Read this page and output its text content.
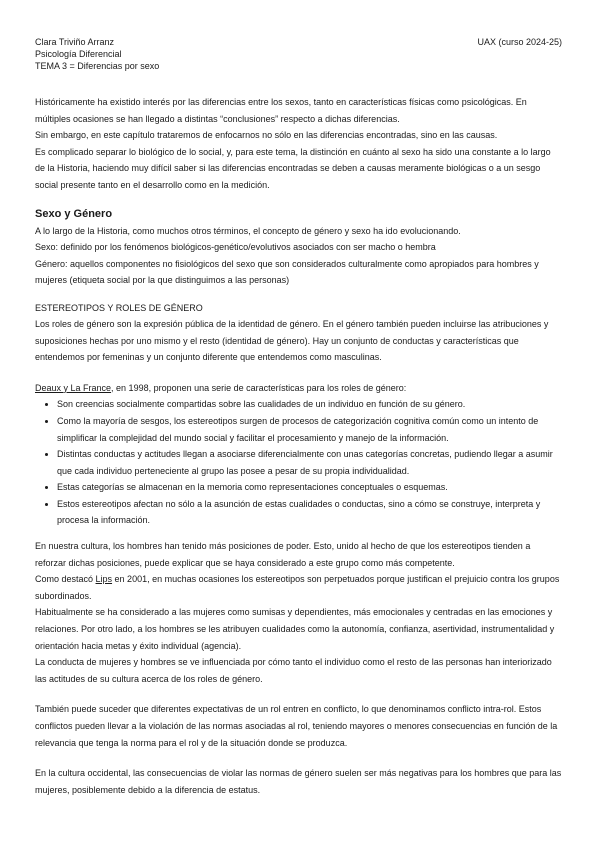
Clara Triviño Arranz
Psicología Diferencial
TEMA 3 = Diferencias por sexo
UAX (curso 2024-25)

Históricamente ha existido interés por las diferencias entre los sexos, tanto en características físicas como psicológicas. En múltiples ocasiones se han llegado a distintas “conclusiones” respecto a dichas diferencias.

Sin embargo, en este capítulo trataremos de enfocarnos no sólo en las diferencias encontradas, sino en las causas.

Es complicado separar lo biológico de lo social, y, para este tema, la distinción en cuánto al sexo ha sido una constante a lo largo de la Historia, haciendo muy difícil saber si las diferencias encontradas se deben a causas meramente biológicas o a un sesgo social presente tanto en el desarrollo como en la medición.

Sexo y Género

A lo largo de la Historia, como muchos otros términos, el concepto de género y sexo ha ido evolucionando.

Sexo: definido por los fenómenos biológicos-genético/evolutivos asociados con ser macho o hembra

Género: aquellos componentes no fisiológicos del sexo que son considerados culturalmente como apropiados para hombres y mujeres (etiqueta social por la que distinguimos a las personas)

ESTEREOTIPOS Y ROLES DE GÉNERO

Los roles de género son la expresión pública de la identidad de género. En el género también pueden incluirse las atribuciones y suposiciones hechas por uno mismo y el resto (identidad de género). Hay un conjunto de conductas y características que entendemos por femeninas y un conjunto diferente que entendemos como masculinas.

Deaux y La France, en 1998, proponen una serie de características para los roles de género:

• Son creencias socialmente compartidas sobre las cualidades de un individuo en función de su género.
• Como la mayoría de sesgos, los estereotipos surgen de procesos de categorización cognitiva común como un intento de simplificar la complejidad del mundo social y facilitar el procesamiento y manejo de la información.
• Distintas conductas y actitudes llegan a asociarse diferencialmente con unas categorías concretas, pudiendo llegar a asumir que cada individuo perteneciente al grupo las posee a pesar de su propia individualidad.
• Estas categorías se almacenan en la memoria como representaciones conceptuales o esquemas.
• Estos estereotipos afectan no sólo a la asunción de estas cualidades o conductas, sino a cómo se construye, interpreta y procesa la información.

En nuestra cultura, los hombres han tenido más posiciones de poder. Esto, unido al hecho de que los estereotipos tienden a reforzar dichas posiciones, puede explicar que se haya considerado a este grupo como más competente.

Como destacó Lips en 2001, en muchas ocasiones los estereotipos son perpetuados porque justifican el prejuicio contra los grupos subordinados.

Habitualmente se ha considerado a las mujeres como sumisas y dependientes, más emocionales y centradas en las emociones y relaciones. Por otro lado, a los hombres se les atribuyen cualidades como la autonomía, confianza, asertividad, instrumentalidad y orientación hacia metas y éxito individual (agencia).

La conducta de mujeres y hombres se ve influenciada por cómo tanto el individuo como el resto de las personas han interiorizado las actitudes de su cultura acerca de los roles de género.

También puede suceder que diferentes expectativas de un rol entren en conflicto, lo que denominamos conflicto intra-rol. Estos conflictos pueden llevar a la violación de las normas asociadas al rol, teniendo mayores o menores consecuencias en función de la relevancia que tenga la norma para el rol y de la situación donde se produzca.

En la cultura occidental, las consecuencias de violar las normas de género suelen ser más negativas para los hombres que para las mujeres, posiblemente debido a la diferencia de estatus.
